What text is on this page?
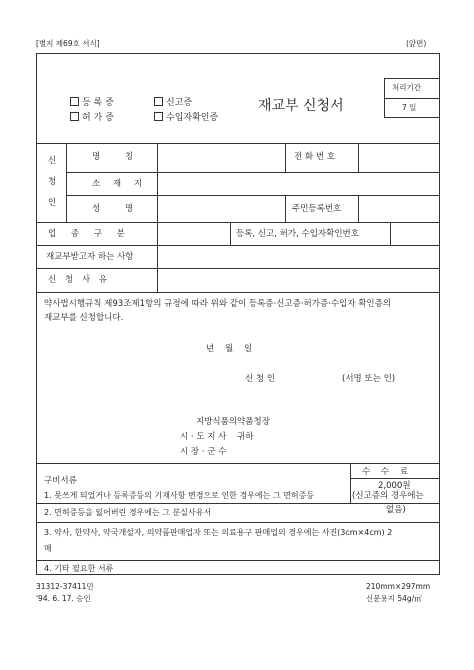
[별지 제69호 서식]	(앞면)
등 록 증	신고증
허 가 증	수입자확인증
재교부 신청서
처리기간
7 일
신
청
인
명 칭	전 화 번 호
소 재 지
성 명	주민등록번호
업 종 구 분	등록, 신고, 허가, 수입자확인번호
재교부받고자 하는 사항
신 청 사 유
약사법시행규칙 제93조제1항의 규정에 따라 위와 같이 등록증·신고증·허가증·수입자 확인증의
재교부를 신청합니다.
년    월    일
신 청 인	(서명 또는 인)
지방식품의약품청장
시 · 도 지 사    귀하
시 장 · 군 수
수 수 료
2,000원
(신고증의 경우에는
없음)
구비서류
1. 못쓰게 되었거나 등록증등의 기재사항 변경으로 인한 경우에는 그 면허증등
2. 면허증등을 잃어버린 경우에는 그 분실사유서
3. 약사, 한약사, 약국개설자, 의약품판매업자 또는 의료용구 판매업의 경우에는 사진(3cm×4cm) 2
매
4. 기타 필요한 서류
31312-37411민
'94. 6. 17. 승인
210mm×297mm
신문용지 54g/㎡
